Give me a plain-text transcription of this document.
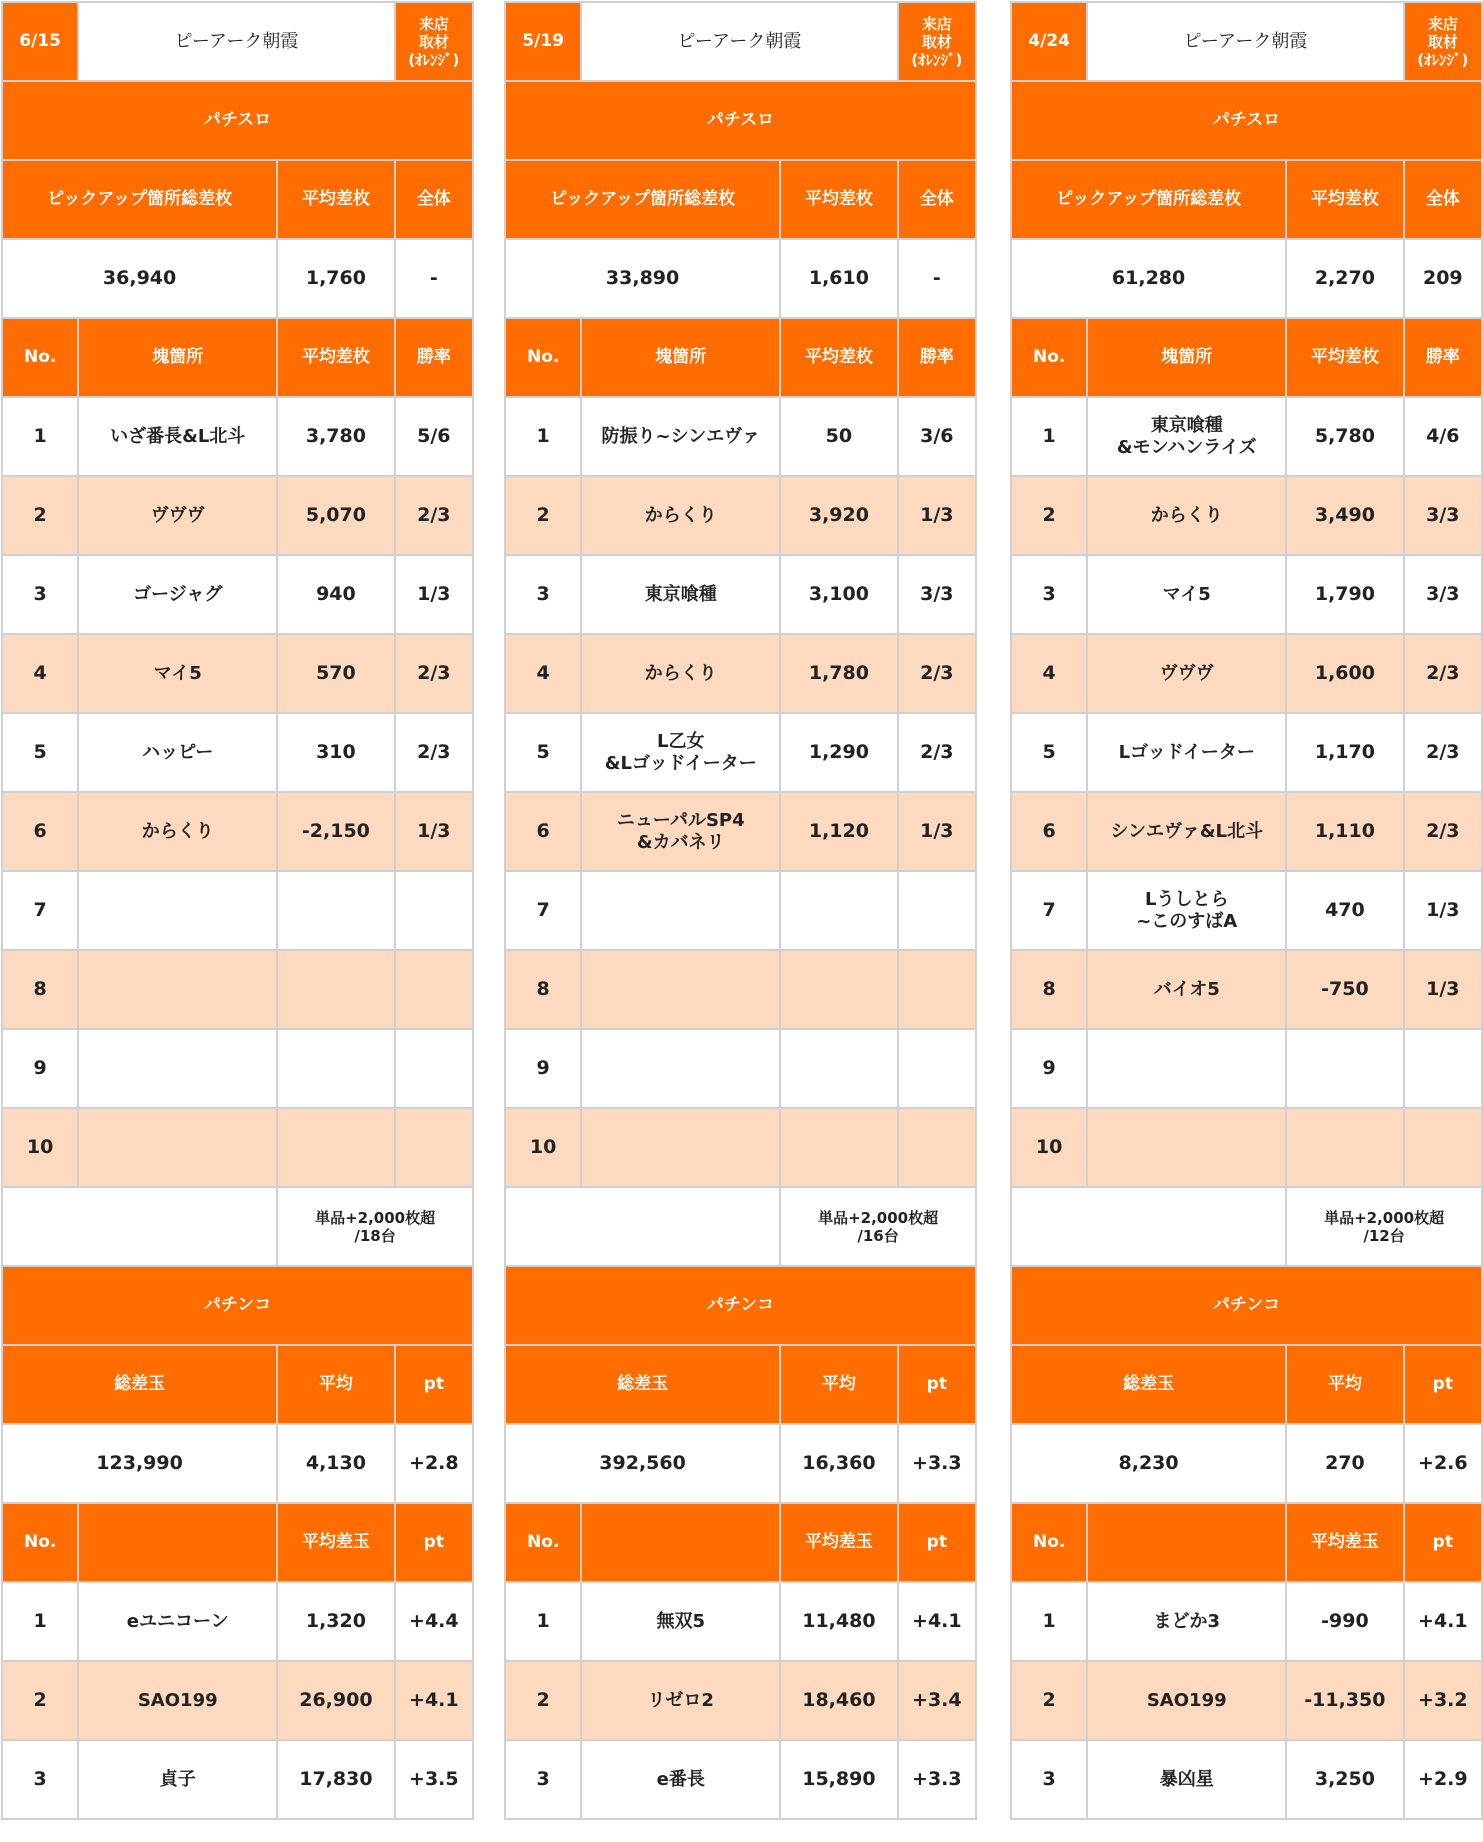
6/15	ピーアーク朝霞		来店
取材
(ｵﾚﾝｼﾞ)
パチスロ			
ピックアップ箇所総差枚		平均差枚	全体
36,940		1,760	-
No.	塊箇所	平均差枚	勝率
1	いざ番長&L北斗	3,780	5/6
2	ヴヴヴ	5,070	2/3
3	ゴージャグ	940	1/3
4	マイ5	570	2/3
5	ハッピー	310	2/3
6	からくり	-2,150	1/3
7			
8			
9			
10			
		単品+2,000枚超
/18台	
パチンコ			
総差玉		平均	pt
123,990		4,130	+2.8
No.		平均差玉	pt
1	eユニコーン	1,320	+4.4
2	SAO199	26,900	+4.1
3	貞子	17,830	+3.5
5/19	ピーアーク朝霞		来店
取材
(ｵﾚﾝｼﾞ)
パチスロ			
ピックアップ箇所総差枚		平均差枚	全体
33,890		1,610	-
No.	塊箇所	平均差枚	勝率
1	防振り~シンエヴァ	50	3/6
2	からくり	3,920	1/3
3	東京喰種	3,100	3/3
4	からくり	1,780	2/3
5	L乙女
&Lゴッドイーター	1,290	2/3
6	ニューパルSP4
&カバネリ	1,120	1/3
7			
8			
9			
10			
		単品+2,000枚超
/16台	
パチンコ			
総差玉		平均	pt
392,560		16,360	+3.3
No.		平均差玉	pt
1	無双5	11,480	+4.1
2	リゼロ2	18,460	+3.4
3	e番長	15,890	+3.3
4/24	ピーアーク朝霞		来店
取材
(ｵﾚﾝｼﾞ)
パチスロ			
ピックアップ箇所総差枚		平均差枚	全体
61,280		2,270	209
No.	塊箇所	平均差枚	勝率
1	東京喰種
&モンハンライズ	5,780	4/6
2	からくり	3,490	3/3
3	マイ5	1,790	3/3
4	ヴヴヴ	1,600	2/3
5	Lゴッドイーター	1,170	2/3
6	シンエヴァ&L北斗	1,110	2/3
7	Lうしとら
~このすばA	470	1/3
8	バイオ5	-750	1/3
9			
10			
		単品+2,000枚超
/12台	
パチンコ			
総差玉		平均	pt
8,230		270	+2.6
No.		平均差玉	pt
1	まどか3	-990	+4.1
2	SAO199	-11,350	+3.2
3	暴凶星	3,250	+2.9
